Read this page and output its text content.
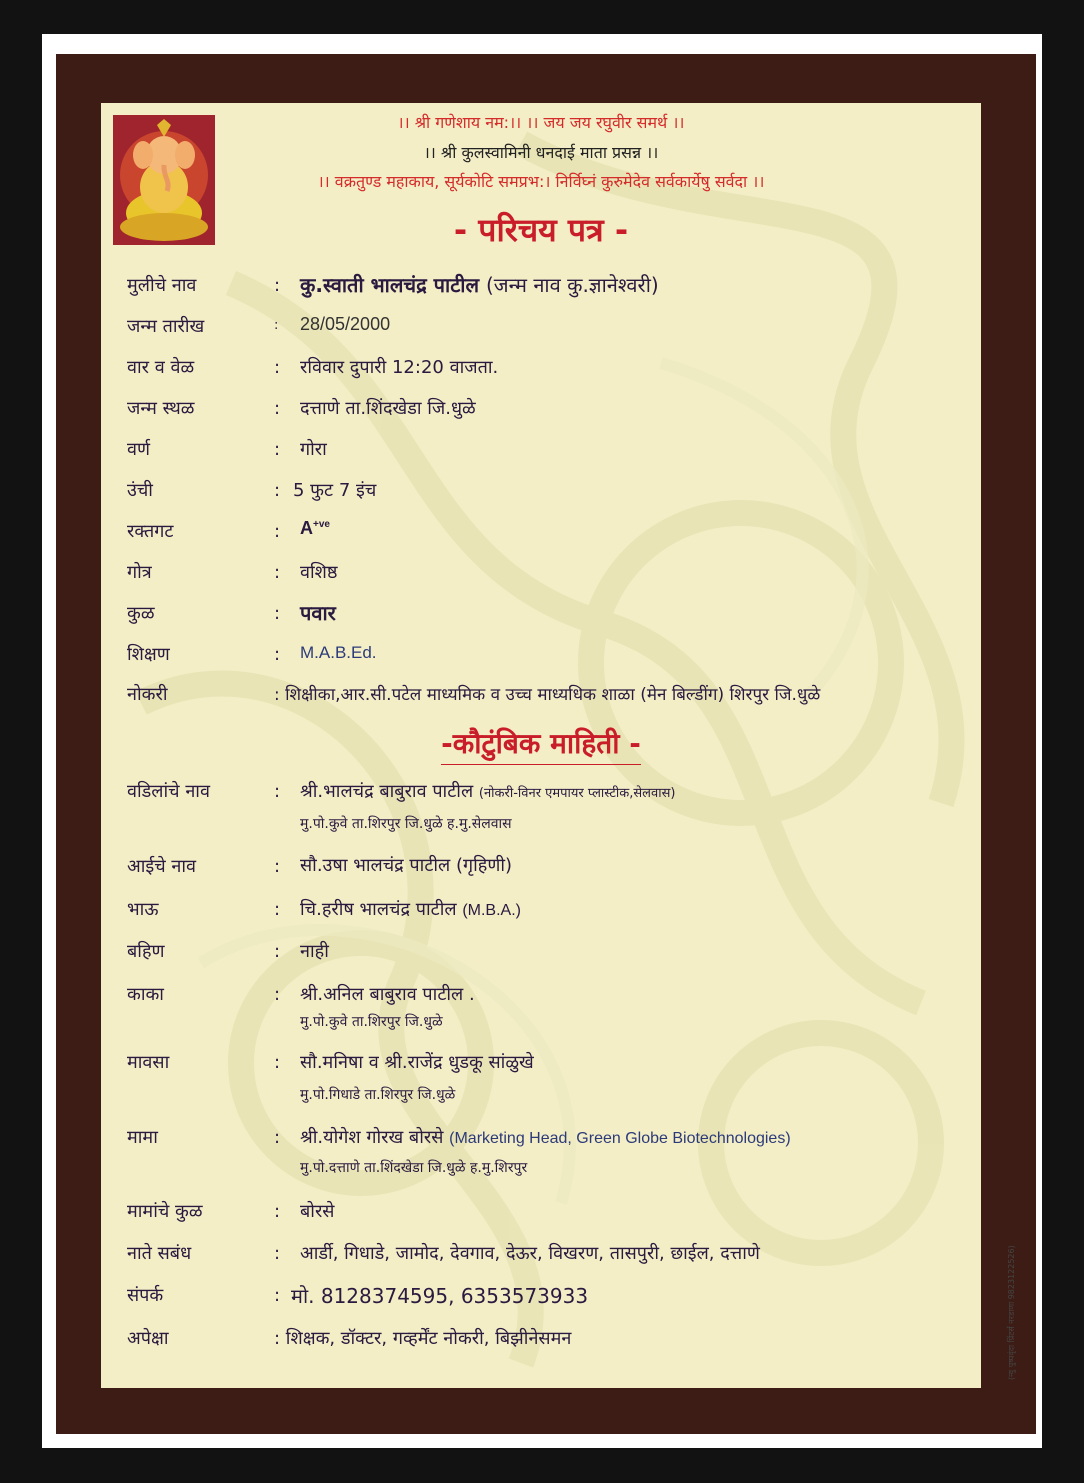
।। श्री गणेशाय नम:।। ।। जय जय रघुवीर समर्थ ।।
।। श्री कुलस्वामिनी धनदाई माता प्रसन्न ।।
।। वक्रतुण्ड महाकाय, सूर्यकोटि समप्रभ:। निर्विघ्नं कुरुमेदेव सर्वकार्येषु सर्वदा ।।
- परिचय पत्र -
मुलीचे नाव	: कु.स्वाती भालचंद्र पाटील (जन्म नाव कु.ज्ञानेश्वरी)
जन्म तारीख	: 28/05/2000
वार व वेळ	: रविवार दुपारी 12:20 वाजता.
जन्म स्थळ	: दत्ताणे ता.शिंदखेडा जि.धुळे
वर्ण	: गोरा
उंची	: 5 फुट 7 इंच
रक्तगट	: $A^{+ve}$
गोत्र	: वशिष्ठ
कुळ	: पवार
शिक्षण	: M.A.B.Ed.
नोकरी	: शिक्षीका,आर.सी.पटेल माध्यमिक व उच्च माध्यधिक शाळा (मेन बिल्डींग) शिरपुर जि.धुळे
-कौटुंबिक माहिती -
वडिलांचे नाव	: श्री.भालचंद्र बाबुराव पाटील (नोकरी-विनर एमपायर प्लास्टीक,सेलवास)
मु.पो.कुवे ता.शिरपुर जि.धुळे ह.मु.सेलवास
आईचे नाव	: सौ.उषा भालचंद्र पाटील (गृहिणी)
भाऊ	: चि.हरीष भालचंद्र पाटील (M.B.A.)
बहिण	: नाही
काका	: श्री.अनिल बाबुराव पाटील .
मु.पो.कुवे ता.शिरपुर जि.धुळे
मावसा	: सौ.मनिषा व श्री.राजेंद्र धुडकू सांळुखे
मु.पो.गिधाडे ता.शिरपुर जि.धुळे
मामा	: श्री.योगेश गोरख बोरसे (Marketing Head, Green Globe Biotechnologies)
मु.पो.दत्ताणे ता.शिंदखेडा जि.धुळे ह.मु.शिरपुर
मामांचे कुळ	: बोरसे
नाते सबंध	: आर्डी, गिधाडे, जामोद, देवगाव, देऊर, विखरण, तासपुरी, छाईल, दत्ताणे
संपर्क	: मो. 8128374595, 6353573933
अपेक्षा	: शिक्षक, डॉक्टर, गव्हर्मेंट नोकरी, बिझीनेसमन	(न्यु पुष्पवृंदा प्रिंटर्स नरडाणा 9823122526)
